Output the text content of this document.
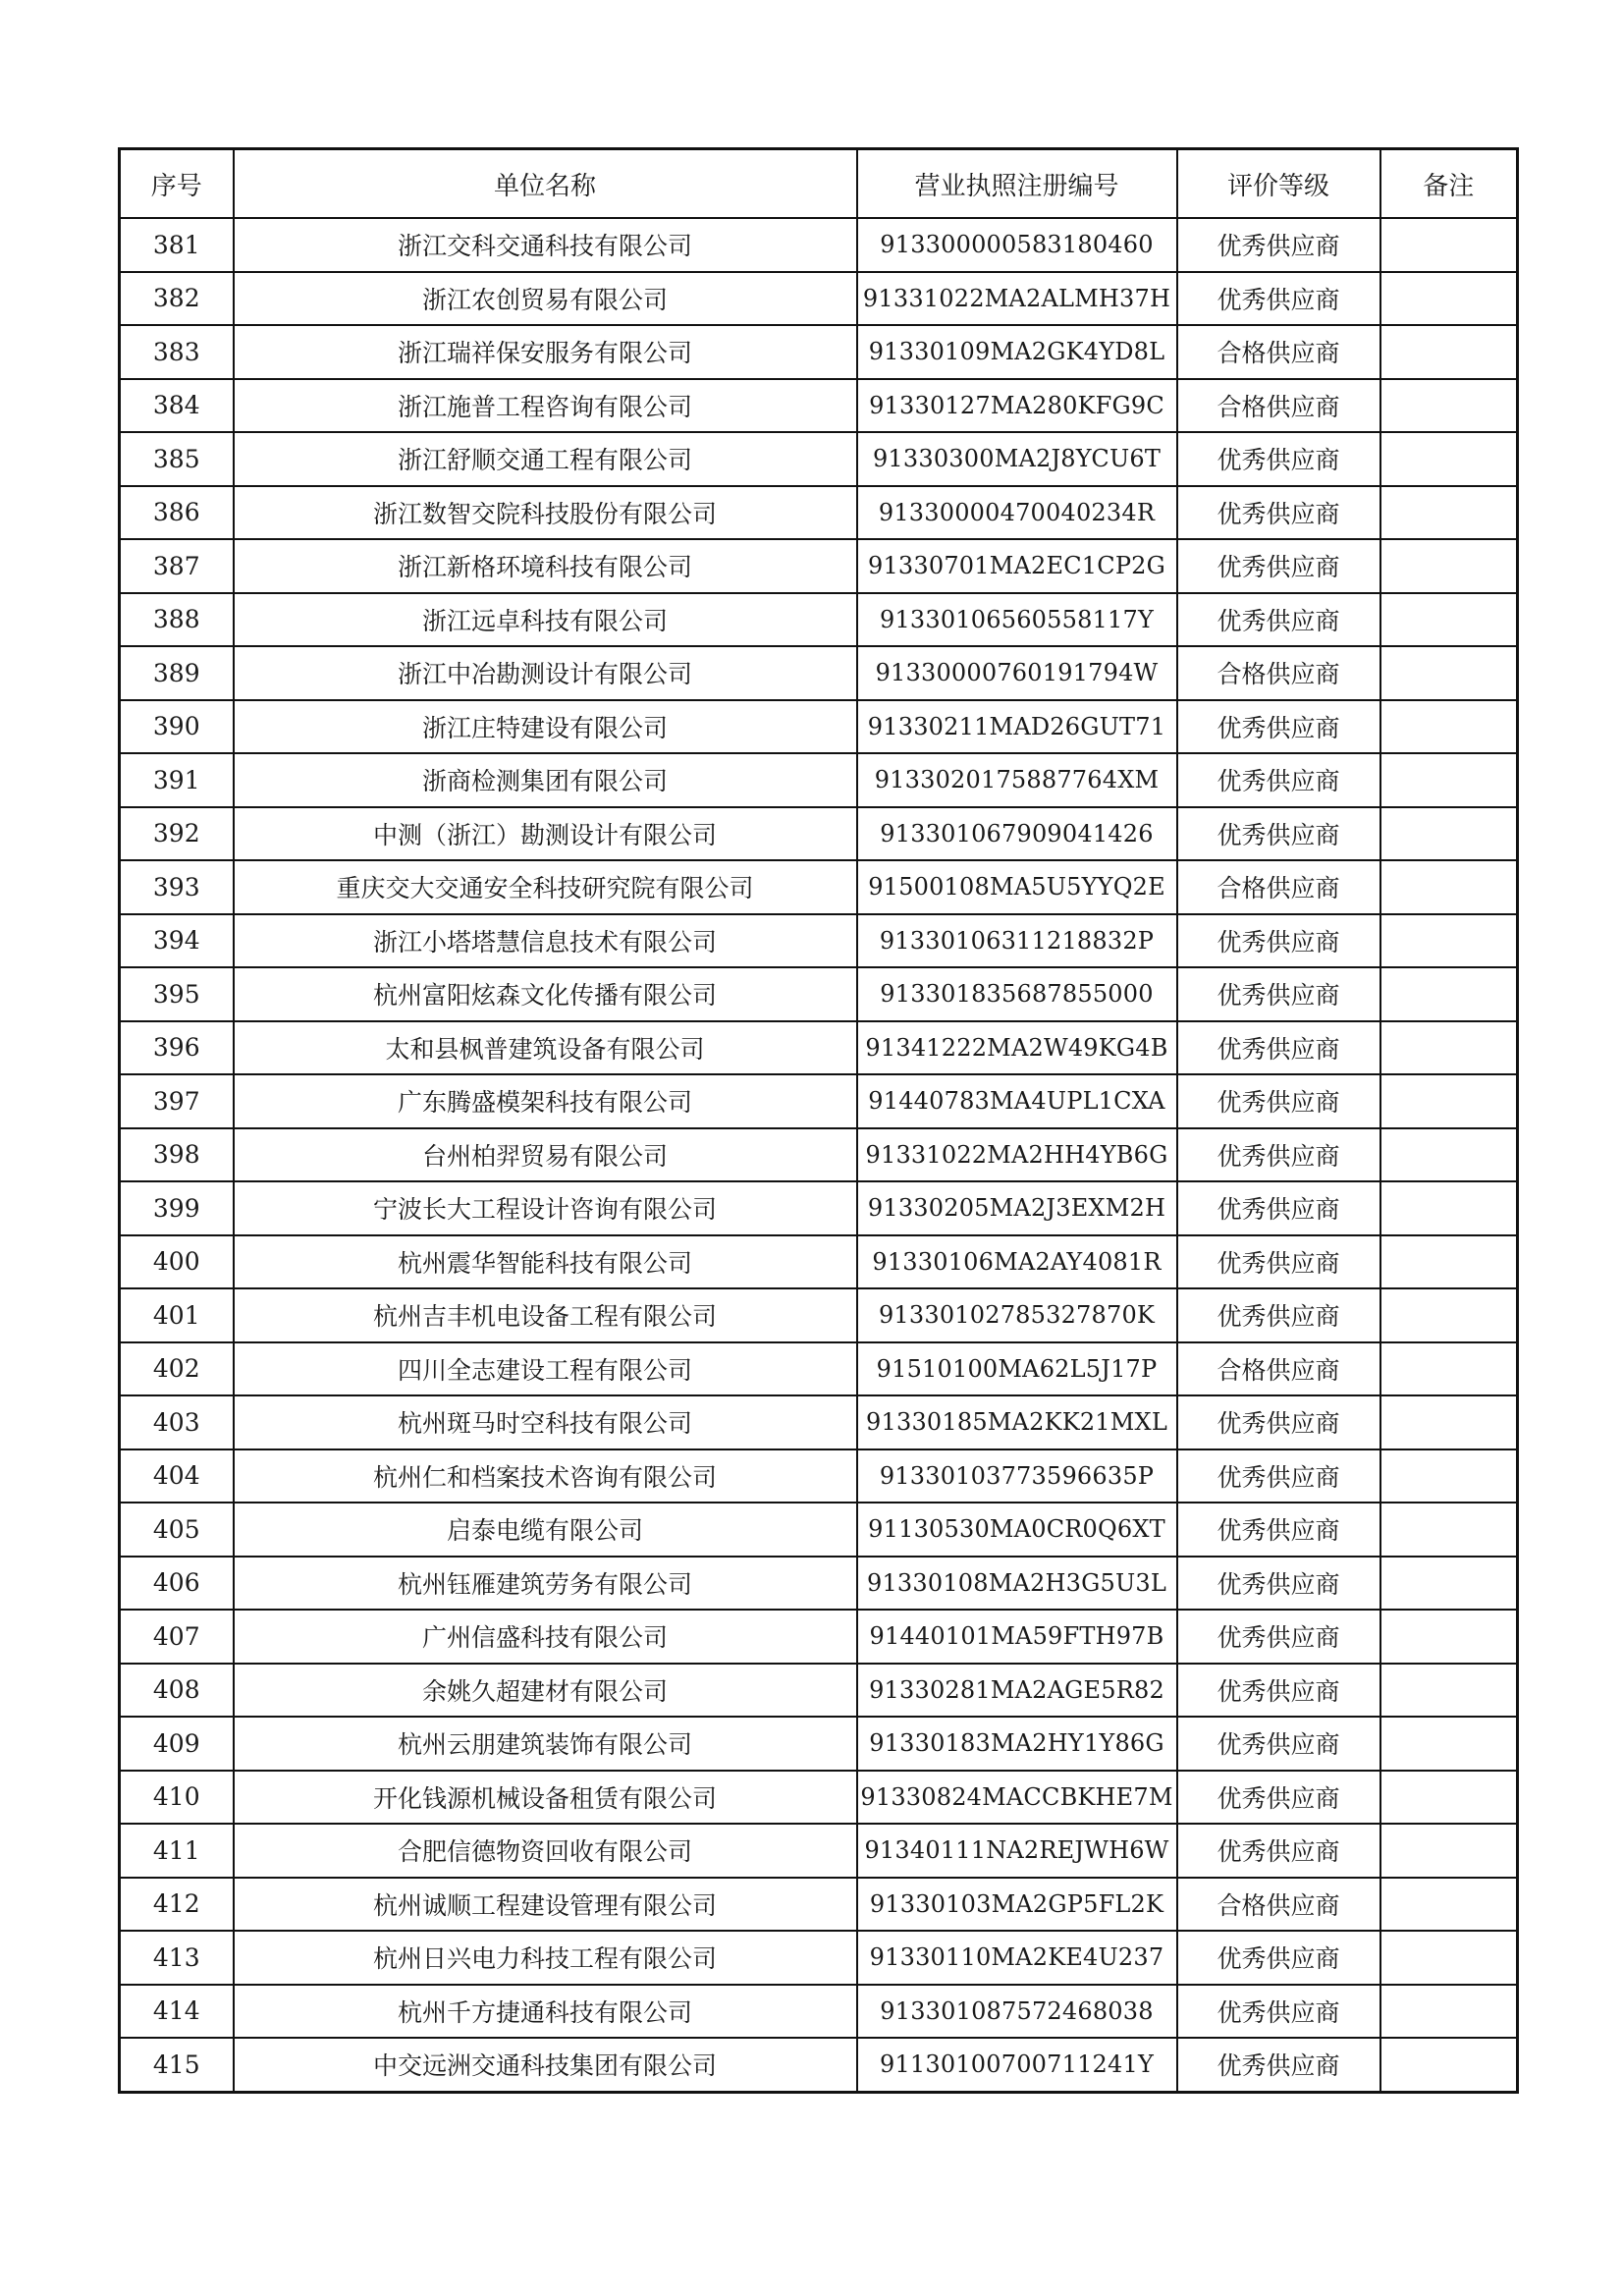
序号	单位名称	营业执照注册编号	评价等级	备注
381	浙江交科交通科技有限公司	913300000583180460	优秀供应商	
382	浙江农创贸易有限公司	91331022MA2ALMH37H	优秀供应商	
383	浙江瑞祥保安服务有限公司	91330109MA2GK4YD8L	合格供应商	
384	浙江施普工程咨询有限公司	91330127MA280KFG9C	合格供应商	
385	浙江舒顺交通工程有限公司	91330300MA2J8YCU6T	优秀供应商	
386	浙江数智交院科技股份有限公司	91330000470040234R	优秀供应商	
387	浙江新格环境科技有限公司	91330701MA2EC1CP2G	优秀供应商	
388	浙江远卓科技有限公司	91330106560558117Y	优秀供应商	
389	浙江中冶勘测设计有限公司	91330000760191794W	合格供应商	
390	浙江庄特建设有限公司	91330211MAD26GUT71	优秀供应商	
391	浙商检测集团有限公司	9133020175887764XM	优秀供应商	
392	中测（浙江）勘测设计有限公司	913301067909041426	优秀供应商	
393	重庆交大交通安全科技研究院有限公司	91500108MA5U5YYQ2E	合格供应商	
394	浙江小塔塔慧信息技术有限公司	91330106311218832P	优秀供应商	
395	杭州富阳炫森文化传播有限公司	913301835687855000	优秀供应商	
396	太和县枫普建筑设备有限公司	91341222MA2W49KG4B	优秀供应商	
397	广东腾盛模架科技有限公司	91440783MA4UPL1CXA	优秀供应商	
398	台州柏羿贸易有限公司	91331022MA2HH4YB6G	优秀供应商	
399	宁波长大工程设计咨询有限公司	91330205MA2J3EXM2H	优秀供应商	
400	杭州震华智能科技有限公司	91330106MA2AY4081R	优秀供应商	
401	杭州吉丰机电设备工程有限公司	91330102785327870K	优秀供应商	
402	四川全志建设工程有限公司	91510100MA62L5J17P	合格供应商	
403	杭州斑马时空科技有限公司	91330185MA2KK21MXL	优秀供应商	
404	杭州仁和档案技术咨询有限公司	91330103773596635P	优秀供应商	
405	启泰电缆有限公司	91130530MA0CR0Q6XT	优秀供应商	
406	杭州钰雁建筑劳务有限公司	91330108MA2H3G5U3L	优秀供应商	
407	广州信盛科技有限公司	91440101MA59FTH97B	优秀供应商	
408	余姚久超建材有限公司	91330281MA2AGE5R82	优秀供应商	
409	杭州云朋建筑装饰有限公司	91330183MA2HY1Y86G	优秀供应商	
410	开化钱源机械设备租赁有限公司	91330824MACCBKHE7M	优秀供应商	
411	合肥信德物资回收有限公司	91340111NA2REJWH6W	优秀供应商	
412	杭州诚顺工程建设管理有限公司	91330103MA2GP5FL2K	合格供应商	
413	杭州日兴电力科技工程有限公司	91330110MA2KE4U237	优秀供应商	
414	杭州千方捷通科技有限公司	913301087572468038	优秀供应商	
415	中交远洲交通科技集团有限公司	91130100700711241Y	优秀供应商	
